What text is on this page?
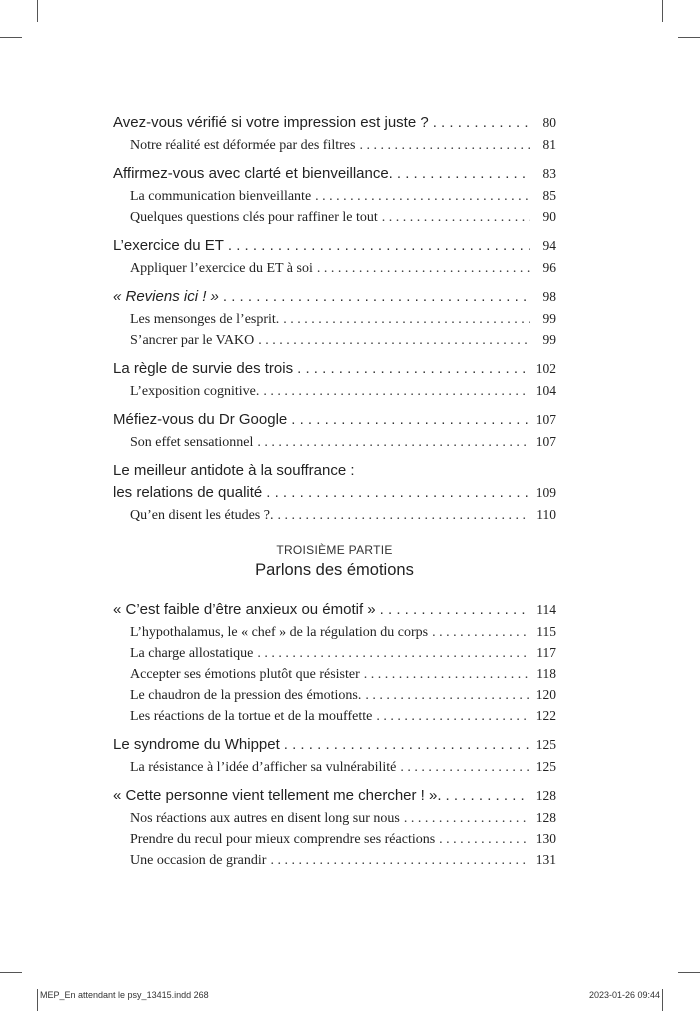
Avez-vous vérifié si votre impression est juste ? . . .	80
Notre réalité est déformée par des filtres . . .	81
Affirmez-vous avec clarté et bienveillance. . . .	83
La communication bienveillante . . .	85
Quelques questions clés pour raffiner le tout . . .	90
L’exercice du ET . . .	94
Appliquer l’exercice du ET à soi . . .	96
« Reviens ici ! » . . .	98
Les mensonges de l’esprit. . . .	99
S’ancrer par le VAKO . . .	99
La règle de survie des trois . . .	102
L’exposition cognitive. . . .	104
Méfiez-vous du Dr Google . . .	107
Son effet sensationnel . . .	107
Le meilleur antidote à la souffrance :
les relations de qualité . . .	109
Qu’en disent les études ?. . . .	110
TROISIÈME PARTIE
Parlons des émotions
« C’est faible d’être anxieux ou émotif » . . .	114
L’hypothalamus, le « chef » de la régulation du corps . . .	115
La charge allostatique . . .	117
Accepter ses émotions plutôt que résister . . .	118
Le chaudron de la pression des émotions. . . .	120
Les réactions de la tortue et de la mouffette . . .	122
Le syndrome du Whippet . . .	125
La résistance à l’idée d’afficher sa vulnérabilité . . .	125
« Cette personne vient tellement me chercher ! ». . . .	128
Nos réactions aux autres en disent long sur nous . . .	128
Prendre du recul pour mieux comprendre ses réactions . . .	130
Une occasion de grandir . . .	131
MEP_En attendant le psy_13415.indd 268	2023-01-26 09:44
